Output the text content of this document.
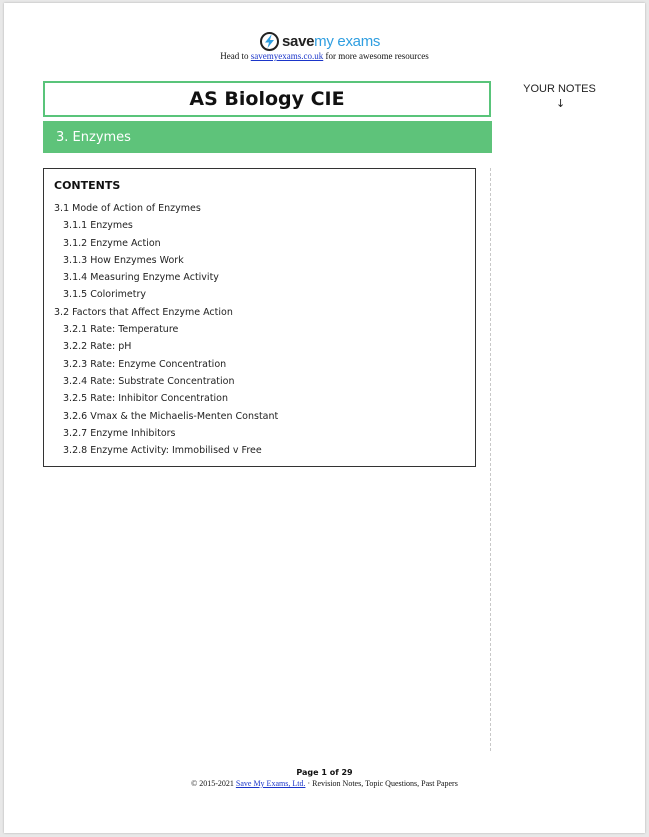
save my exams
Head to savemyexams.co.uk for more awesome resources
AS Biology CIE
3. Enzymes
YOUR NOTES
↓
CONTENTS
3.1 Mode of Action of Enzymes
3.1.1 Enzymes
3.1.2 Enzyme Action
3.1.3 How Enzymes Work
3.1.4 Measuring Enzyme Activity
3.1.5 Colorimetry
3.2 Factors that Affect Enzyme Action
3.2.1 Rate: Temperature
3.2.2 Rate: pH
3.2.3 Rate: Enzyme Concentration
3.2.4 Rate: Substrate Concentration
3.2.5 Rate: Inhibitor Concentration
3.2.6 Vmax & the Michaelis-Menten Constant
3.2.7 Enzyme Inhibitors
3.2.8 Enzyme Activity: Immobilised v Free
Page 1 of 29
© 2015-2021 Save My Exams, Ltd. · Revision Notes, Topic Questions, Past Papers
